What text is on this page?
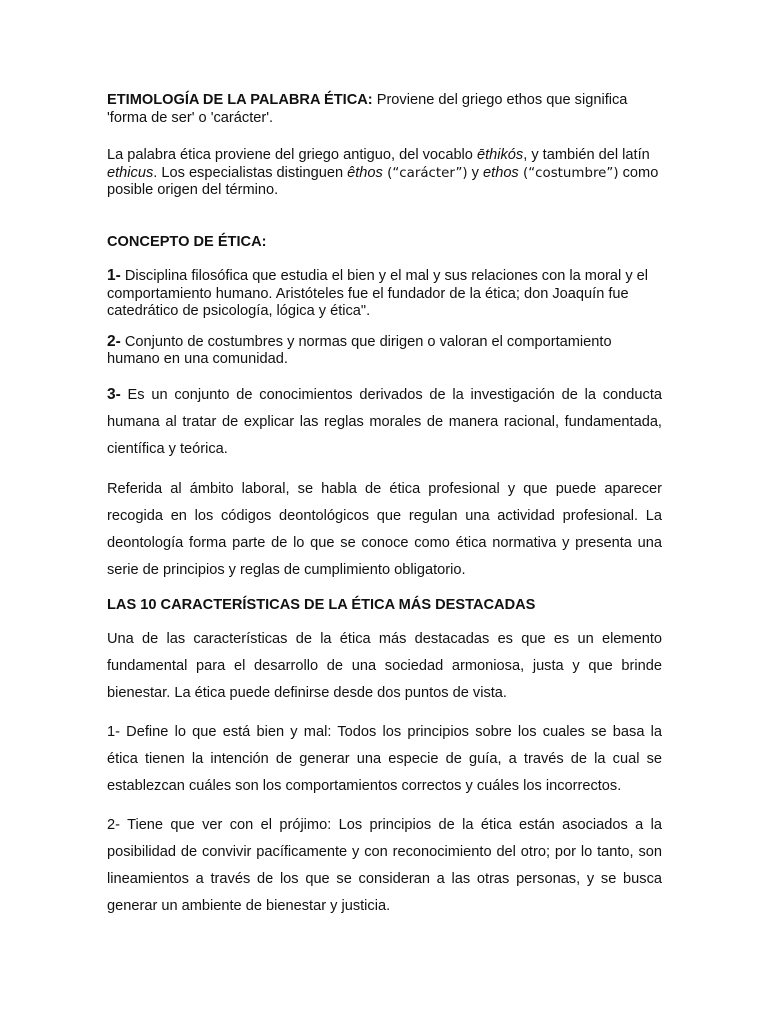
ETIMOLOGÍA DE LA PALABRA ÉTICA: Proviene del griego ethos que significa 'forma de ser' o 'carácter'.

La palabra ética proviene del griego antiguo, del vocablo ēthikós, y también del latín ethicus. Los especialistas distinguen êthos (“carácter”) y ethos (“costumbre”) como posible origen del término.

CONCEPTO DE ÉTICA:

1- Disciplina filosófica que estudia el bien y el mal y sus relaciones con la moral y el comportamiento humano. Aristóteles fue el fundador de la ética; don Joaquín fue catedrático de psicología, lógica y ética".

2- Conjunto de costumbres y normas que dirigen o valoran el comportamiento humano en una comunidad.

3- Es un conjunto de conocimientos derivados de la investigación de la conducta humana al tratar de explicar las reglas morales de manera racional, fundamentada, científica y teórica.

Referida al ámbito laboral, se habla de ética profesional y que puede aparecer recogida en los códigos deontológicos que regulan una actividad profesional. La deontología forma parte de lo que se conoce como ética normativa y presenta una serie de principios y reglas de cumplimiento obligatorio.

LAS 10 CARACTERÍSTICAS DE LA ÉTICA MÁS DESTACADAS

Una de las características de la ética más destacadas es que es un elemento fundamental para el desarrollo de una sociedad armoniosa, justa y que brinde bienestar. La ética puede definirse desde dos puntos de vista.

1- Define lo que está bien y mal: Todos los principios sobre los cuales se basa la ética tienen la intención de generar una especie de guía, a través de la cual se establezcan cuáles son los comportamientos correctos y cuáles los incorrectos.

2- Tiene que ver con el prójimo: Los principios de la ética están asociados a la posibilidad de convivir pacíficamente y con reconocimiento del otro; por lo tanto, son lineamientos a través de los que se consideran a las otras personas, y se busca generar un ambiente de bienestar y justicia.
